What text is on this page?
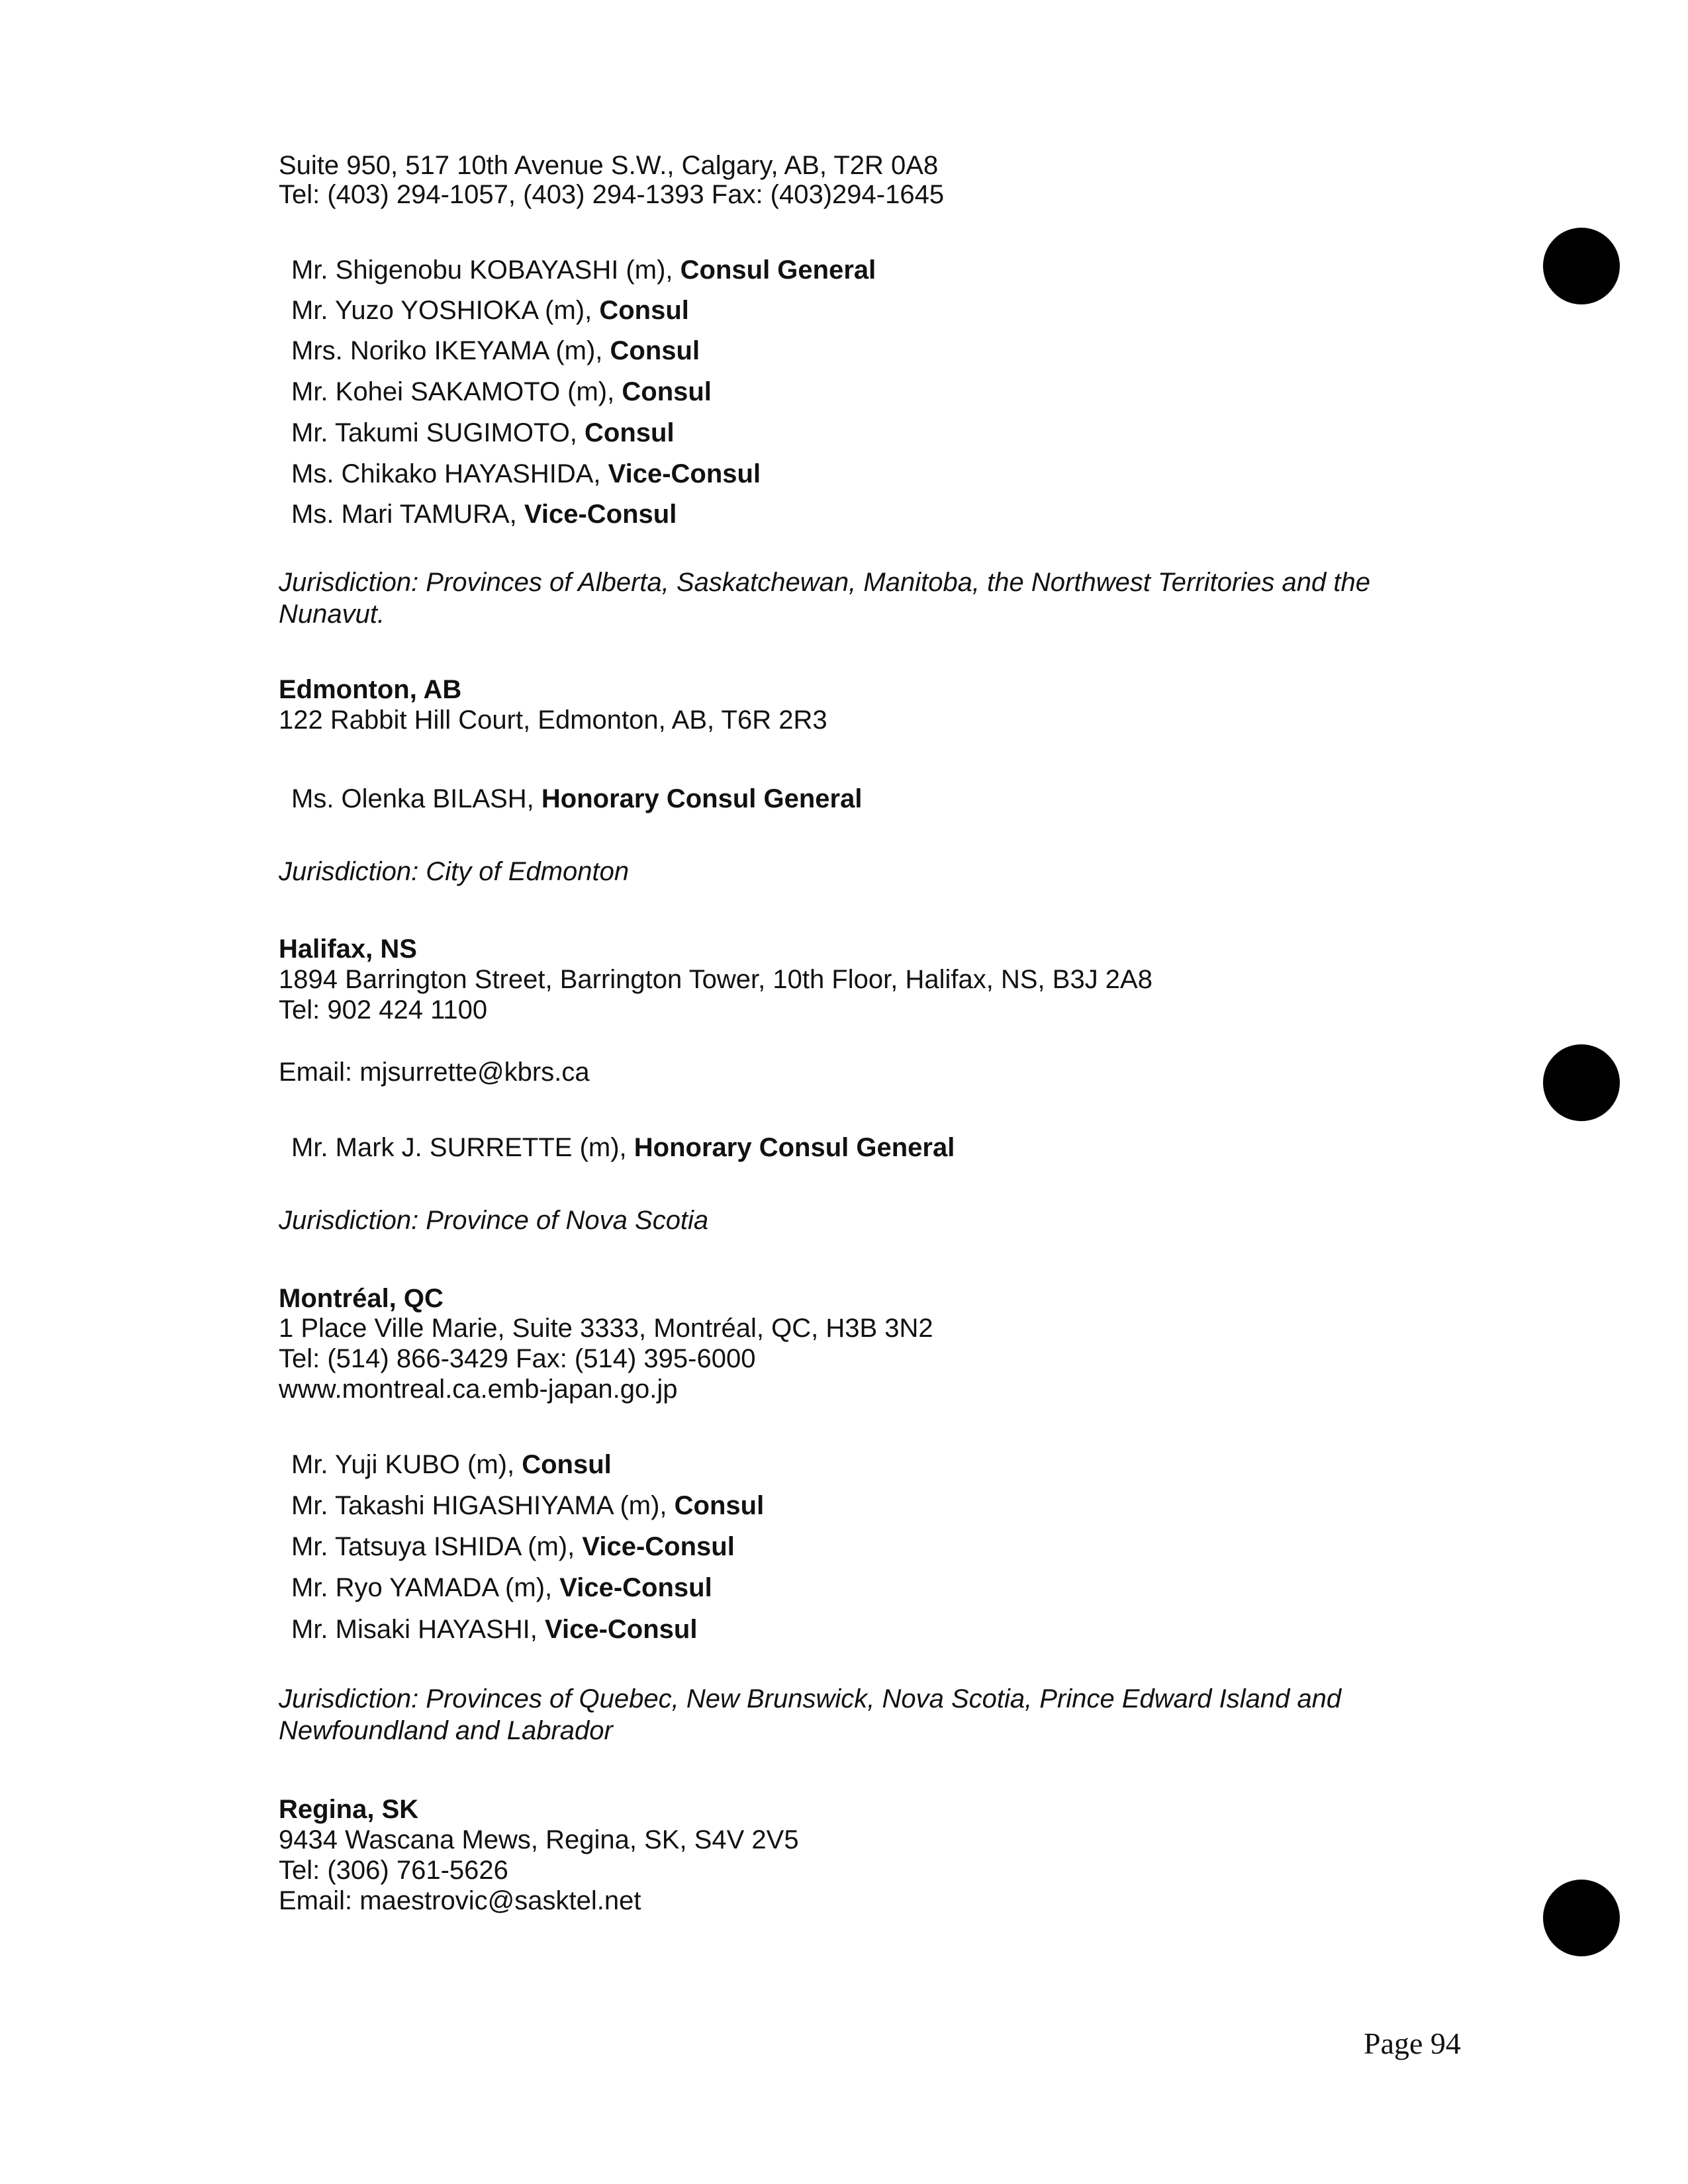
Suite 950, 517 10th Avenue S.W., Calgary, AB, T2R 0A8
Tel: (403) 294-1057, (403) 294-1393 Fax: (403)294-1645
Mr. Shigenobu KOBAYASHI (m), Consul General
Mr. Yuzo YOSHIOKA (m), Consul
Mrs. Noriko IKEYAMA (m), Consul
Mr. Kohei SAKAMOTO (m), Consul
Mr. Takumi SUGIMOTO, Consul
Ms. Chikako HAYASHIDA, Vice-Consul
Ms. Mari TAMURA, Vice-Consul
Jurisdiction: Provinces of Alberta, Saskatchewan, Manitoba, the Northwest Territories and the Nunavut.
Edmonton, AB
122 Rabbit Hill Court, Edmonton, AB, T6R 2R3
Ms. Olenka BILASH, Honorary Consul General
Jurisdiction: City of Edmonton
Halifax, NS
1894 Barrington Street, Barrington Tower, 10th Floor, Halifax, NS, B3J 2A8
Tel: 902 424 1100
Email: mjsurrette@kbrs.ca
Mr. Mark J. SURRETTE (m), Honorary Consul General
Jurisdiction: Province of Nova Scotia
Montréal, QC
1 Place Ville Marie, Suite 3333, Montréal, QC, H3B 3N2
Tel: (514) 866-3429 Fax: (514) 395-6000
www.montreal.ca.emb-japan.go.jp
Mr. Yuji KUBO (m), Consul
Mr. Takashi HIGASHIYAMA (m), Consul
Mr. Tatsuya ISHIDA (m), Vice-Consul
Mr. Ryo YAMADA (m), Vice-Consul
Mr. Misaki HAYASHI, Vice-Consul
Jurisdiction: Provinces of Quebec, New Brunswick, Nova Scotia, Prince Edward Island and Newfoundland and Labrador
Regina, SK
9434 Wascana Mews, Regina, SK, S4V 2V5
Tel: (306) 761-5626
Email: maestrovic@sasktel.net
Page 94
